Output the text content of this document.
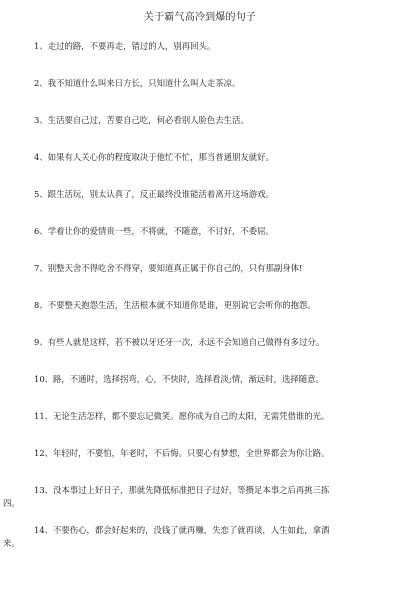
关于霸气高冷到爆的句子
1、走过的路，不要再走，错过的人，别再回头。
2、我不知道什么叫来日方长，只知道什么叫人走茶凉。
3、生活要自己过，苦要自己吃，何必看别人脸色去生活。
4、如果有人关心你的程度取决于他忙不忙，那当普通朋友就好。
5、跟生活玩，别太认真了，反正最终没谁能活着离开这场游戏。
6、学着让你的爱情贵一些，不将就，不随意，不讨好，不委屈。
7、别整天舍不得吃舍不得穿，要知道真正属于你自己的，只有那副身体!
8、不要整天抱怨生活，生活根本就不知道你是谁，更别说它会听你的抱怨。
9、有些人就是这样，若不被以牙还牙一次，永远不会知道自己做得有多过分。
10、路，不通时，选择拐弯，心，不快时，选择看淡;情，渐远时，选择随意。
11、无论生活怎样，都不要忘记微笑。愿你成为自己的太阳，无需凭借谁的光。
12、年轻时，不要怕，年老时，不后悔。只要心有梦想，全世界都会为你让路。
13、没本事过上好日子，那就先降低标准把日子过好，等攒足本事之后再挑三拣
四。
14、不要伤心，都会好起来的，没钱了就再赚，失恋了就再谈，人生如此，拿酒
来。
